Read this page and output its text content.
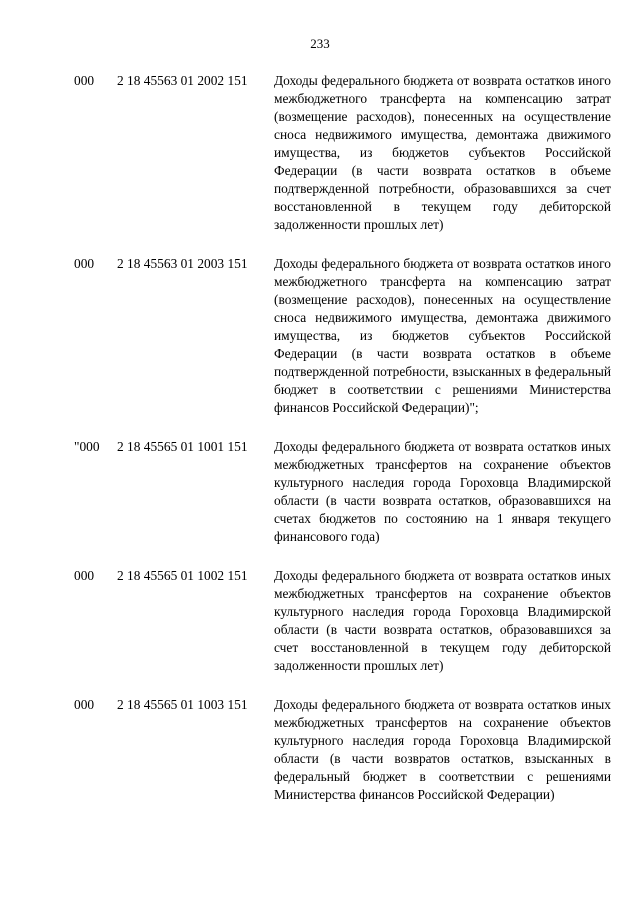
233
000 2 18 45563 01 2002 151 Доходы федерального бюджета от возврата остатков иного межбюджетного трансферта на компенсацию затрат (возмещение расходов), понесенных на осуществление сноса недвижимого имущества, демонтажа движимого имущества, из бюджетов субъектов Российской Федерации (в части возврата остатков в объеме подтвержденной потребности, образовавшихся за счет восстановленной в текущем году дебиторской задолженности прошлых лет)
000 2 18 45563 01 2003 151 Доходы федерального бюджета от возврата остатков иного межбюджетного трансферта на компенсацию затрат (возмещение расходов), понесенных на осуществление сноса недвижимого имущества, демонтажа движимого имущества, из бюджетов субъектов Российской Федерации (в части возврата остатков в объеме подтвержденной потребности, взысканных в федеральный бюджет в соответствии с решениями Министерства финансов Российской Федерации)";
"000 2 18 45565 01 1001 151 Доходы федерального бюджета от возврата остатков иных межбюджетных трансфертов на сохранение объектов культурного наследия города Гороховца Владимирской области (в части возврата остатков, образовавшихся на счетах бюджетов по состоянию на 1 января текущего финансового года)
000 2 18 45565 01 1002 151 Доходы федерального бюджета от возврата остатков иных межбюджетных трансфертов на сохранение объектов культурного наследия города Гороховца Владимирской области (в части возврата остатков, образовавшихся за счет восстановленной в текущем году дебиторской задолженности прошлых лет)
000 2 18 45565 01 1003 151 Доходы федерального бюджета от возврата остатков иных межбюджетных трансфертов на сохранение объектов культурного наследия города Гороховца Владимирской области (в части возвратов остатков, взысканных в федеральный бюджет в соответствии с решениями Министерства финансов Российской Федерации)
